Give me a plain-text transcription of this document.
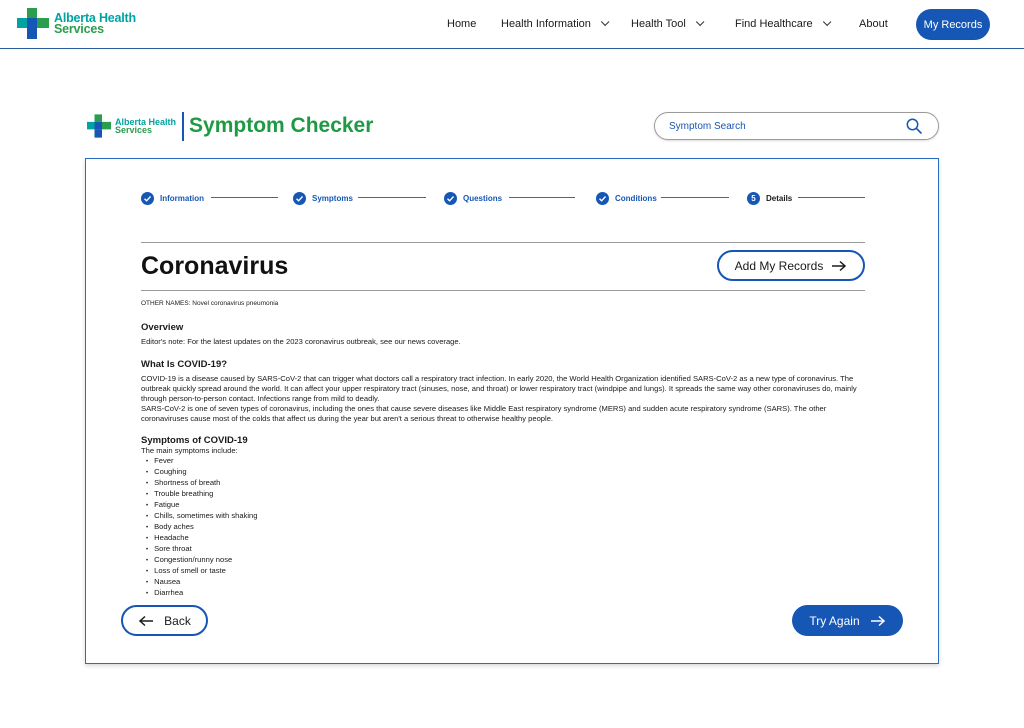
Alberta Health
Services	Home Health Information	Health Tool	Find Healthcare	About	My Records
Alberta Health
Services	Symptom Checker
Symptom Search
Information	Symptoms	Questions	Conditions	5 Details
Coronavirus	Add My Records
OTHER NAMES: Novel coronavirus pneumonia
Overview
Editor's note: For the latest updates on the 2023 coronavirus outbreak, see our news coverage.
What Is COVID-19?
COVID-19 is a disease caused by SARS-CoV-2 that can trigger what doctors call a respiratory tract infection. In early 2020, the World Health Organization identified SARS-CoV-2 as a new type of coronavirus. The outbreak quickly spread around the world. It can affect your upper respiratory tract (sinuses, nose, and throat) or lower respiratory tract (windpipe and lungs). It spreads the same way other coronaviruses do, mainly through person-to-person contact. Infections range from mild to deadly.
SARS-CoV-2 is one of seven types of coronavirus, including the ones that cause severe diseases like Middle East respiratory syndrome (MERS) and sudden acute respiratory syndrome (SARS). The other coronaviruses cause most of the colds that affect us during the year but aren't a serious threat to otherwise healthy people.
Symptoms of COVID-19
The main symptoms include:
• Fever
• Coughing
• Shortness of breath
• Trouble breathing
• Fatigue
• Chills, sometimes with shaking
• Body aches
• Headache
• Sore throat
• Congestion/runny nose
• Loss of smell or taste
• Nausea
• Diarrhea
Back	Try Again
